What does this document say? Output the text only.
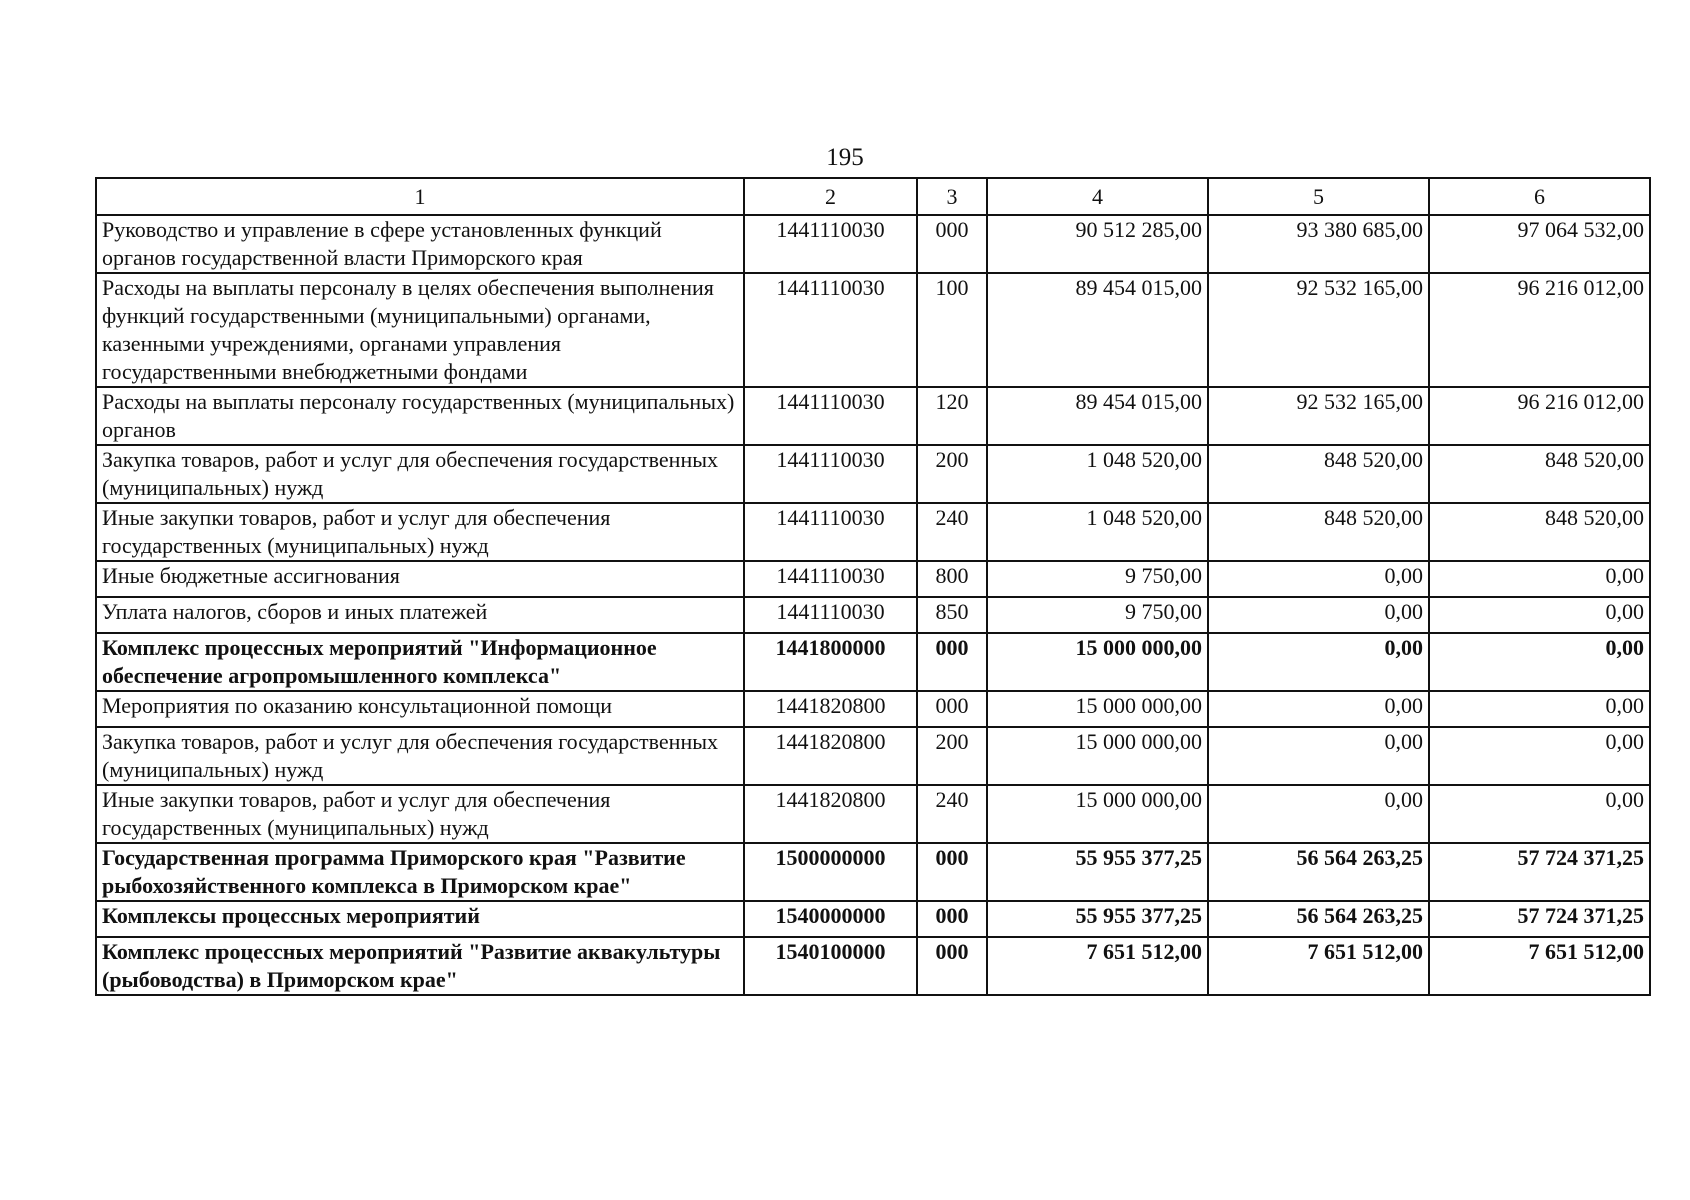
195
1	2	3	4	5	6
Руководство и управление в сфере установленных функций органов государственной власти Приморского края	1441110030	000	90 512 285,00	93 380 685,00	97 064 532,00
Расходы на выплаты персоналу в целях обеспечения выполнения функций государственными (муниципальными) органами, казенными учреждениями, органами управления государственными внебюджетными фондами	1441110030	100	89 454 015,00	92 532 165,00	96 216 012,00
Расходы на выплаты персоналу государственных (муниципальных) органов	1441110030	120	89 454 015,00	92 532 165,00	96 216 012,00
Закупка товаров, работ и услуг для обеспечения государственных (муниципальных) нужд	1441110030	200	1 048 520,00	848 520,00	848 520,00
Иные закупки товаров, работ и услуг для обеспечения государственных (муниципальных) нужд	1441110030	240	1 048 520,00	848 520,00	848 520,00
Иные бюджетные ассигнования	1441110030	800	9 750,00	0,00	0,00
Уплата налогов, сборов и иных платежей	1441110030	850	9 750,00	0,00	0,00
Комплекс процессных мероприятий "Информационное обеспечение агропромышленного комплекса"	1441800000	000	15 000 000,00	0,00	0,00
Мероприятия по оказанию консультационной помощи	1441820800	000	15 000 000,00	0,00	0,00
Закупка товаров, работ и услуг для обеспечения государственных (муниципальных) нужд	1441820800	200	15 000 000,00	0,00	0,00
Иные закупки товаров, работ и услуг для обеспечения государственных (муниципальных) нужд	1441820800	240	15 000 000,00	0,00	0,00
Государственная программа Приморского края "Развитие рыбохозяйственного комплекса в Приморском крае"	1500000000	000	55 955 377,25	56 564 263,25	57 724 371,25
Комплексы процессных мероприятий	1540000000	000	55 955 377,25	56 564 263,25	57 724 371,25
Комплекс процессных мероприятий "Развитие аквакультуры (рыбоводства) в Приморском крае"	1540100000	000	7 651 512,00	7 651 512,00	7 651 512,00
